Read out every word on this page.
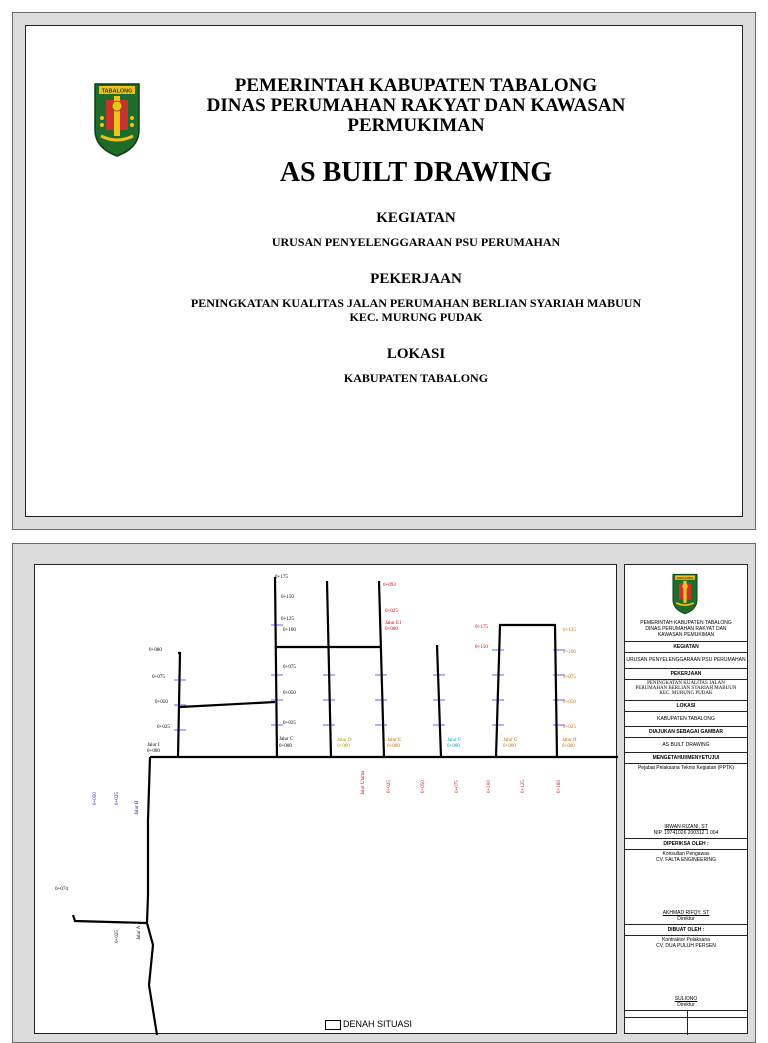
TABALONG	PEMERINTAH KABUPATEN TABALONG
DINAS PERUMAHAN RAKYAT DAN KAWASAN
PERMUKIMAN
AS BUILT DRAWING
KEGIATAN
URUSAN PENYELENGGARAAN PSU PERUMAHAN
PEKERJAAN
PENINGKATAN KUALITAS JALAN PERUMAHAN BERLIAN SYARIAH MABUUN
KEC. MURUNG PUDAK
LOKASI
KABUPATEN TABALONG
Jalur I
0+000
Jalur C
0+000
Jalur D
0+000
Jalur E
0+000
Jalur F
0+000
Jalur G
0+000
Jalur H
0+000
Jalur E1
0+000
0+100
0+075
0+050
0+025
0+125
0+150
0+175
0+093
0+025
0+080
0+075
0+050
0+025
0+074
0+125
0+100
0+075
0+050
0+025
0+175
0+150
Jalur Utama	0+025	0+050	0+075	0+100	0+125	0+169
Jalur B
0+025
0+050
Jalur A
0+025
DENAH SITUASI
TABALONG
PEMERINTAH KABUPATEN TABALONG
DINAS PERUMAHAN RAKYAT DAN
KAWASAN PEMUKIMAN
KEGIATAN
URUSAN PENYELENGGARAAN PSU PERUMAHAN
PEKERJAAN
PENINGKATAN KUALITAS JALAN
PERUMAHAN BERLIAN SYARIAH MABUUN
KEC. MURUNG PUDAK
LOKASI
KABUPATEN TABALONG
DIAJUKAN SEBAGAI GAMBAR
AS BUILT DRAWING
MENGETAHUI/MENYETUJUI
Pejabat Pelaksana Teknis Kegiatan (PPTK)
IRWAN RIZANI, ST
NIP. 19741026 200312 1 004
DIPERIKSA OLEH :
Konsultan Pengawas
CV. FALTA ENGINEERING
AKHMAD RIFQY, ST
Direktur
DIBUAT OLEH :
Kontraktor Pelaksana
CV. DUA PULUH PERSEN
SULIONO
Direktur
